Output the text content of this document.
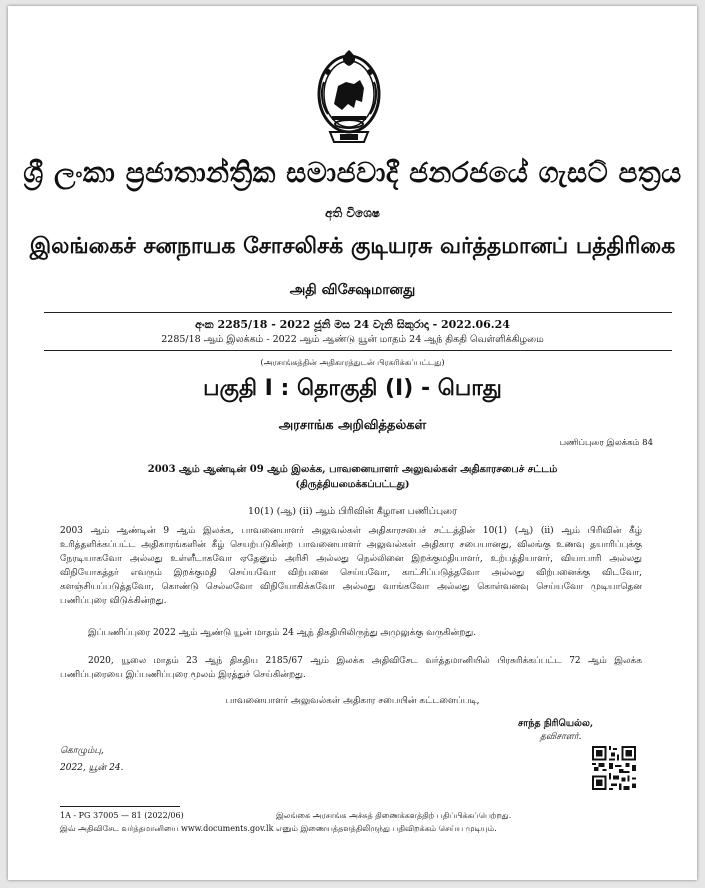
ශ්‍රී ලංකා ප්‍රජාතාන්ත්‍රික සමාජවාදී ජනරජයේ ගැසට් පත්‍රය
අති විශෙෂ
இலங்கைச் சனநாயக சோசலிசக் குடியரசு வர்த்தமானப் பத்திரிகை
அதி விசேஷமானது
අංක 2285/18 - 2022 ජූනි මස 24 වැනි සිකුරාදා - 2022.06.24
2285/18 ஆம் இலக்கம் - 2022 ஆம் ஆண்டு யூன் மாதம் 24 ஆந் திகதி வெள்ளிக்கிழமை
(அரசாங்கத்தின் அதிகாரத்துடன் பிரசுரிக்கப்பட்டது)
பகுதி I : தொகுதி (I) - பொது
அரசாங்க அறிவித்தல்கள்
பணிப்புரை இலக்கம் 84
2003 ஆம் ஆண்டின் 09 ஆம் இலக்க, பாவனையாளர் அலுவல்கள் அதிகாரசபைச் சட்டம்
(திருத்தியமைக்கப்பட்டது)
10(1) (ஆ) (ii) ஆம் பிரிவின் கீழான பணிப்புரை
2003 ஆம் ஆண்டின் 9 ஆம் இலக்க, பாவனையாளர் அலுவல்கள் அதிகாரசபைச் சட்டத்தின் 10(1) (ஆ) (ii) ஆம் பிரிவின் கீழ் உரித்தளிக்கப்பட்ட அதிகாரங்களின் கீழ் செயற்படுகின்ற பாவனையாளர் அலுவல்கள் அதிகார சபையானது, விலங்கு உணவு தயாரிப்புக்கு நேரடியாகவோ அல்லது உள்ளீடாகவோ ஏதேனும் அரிசி அல்லது நெல்லினை இறக்குமதியாளர், உற்பத்தியாளர், வியாபாரி அல்லது விநியோகத்தர் எவரும் இறக்குமதி செய்யவோ விற்பனை செய்யவோ, காட்சிப்படுத்தவோ அல்லது விற்பனைக்கு விடவோ, களஞ்சியப்படுத்தவோ, கொண்டு செல்லவோ விநியோகிக்கவோ அல்லது வாங்கவோ அல்லது கொள்வனவு செய்யவோ முடியாதென பணிப்புரை விடுக்கின்றது.
இப்பணிப்புரை 2022 ஆம் ஆண்டு யூன் மாதம் 24 ஆந் திகதியிலிருந்து அமுலுக்கு வருகின்றது.
2020, யூலை மாதம் 23 ஆந் திகதிய 2185/67 ஆம் இலக்க அதிவிசேட வர்த்தமானியில் பிரசுரிக்கப்பட்ட 72 ஆம் இலக்க பணிப்புரையை இப்பணிப்புரை மூலம் இரத்துச் செய்கின்றது.
பாவனையாளர் அலுவல்கள் அதிகார சபையின் கட்டளைப்படி,
சாந்த நிரியெல்ல,
தவிசாளர்.
கொழும்பு,
2022, யூன் 24.
1A - PG 37005 — 81 (2022/06)	இலங்கை அரசாங்க அச்சுத் திணைக்களத்திற் பதிப்பிக்கப்பெற்றது.
இவ் அதிவிசேட வர்த்தமானியை www.documents.gov.lk எனும் இணையத்தளத்திலிருந்து பதிவிறக்கம் செய்ய முடியும்.
